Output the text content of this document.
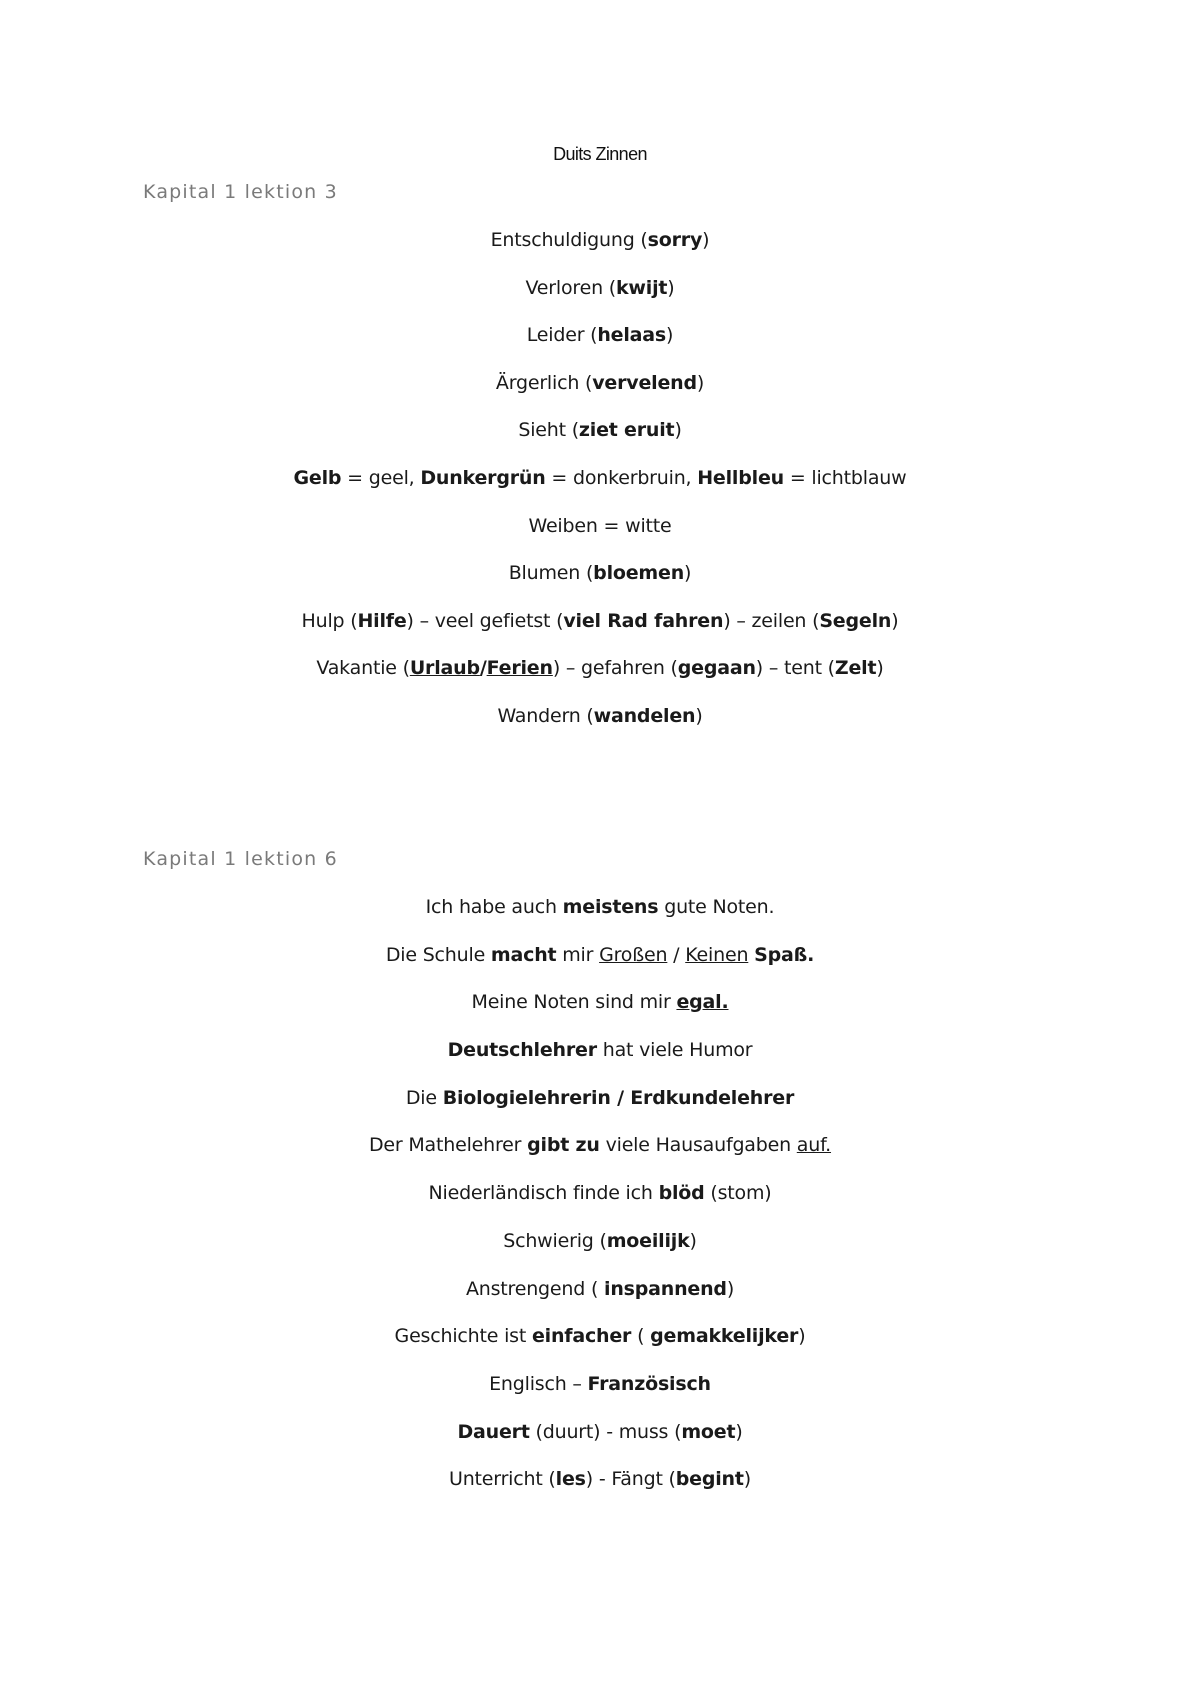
Duits Zinnen
Kapital 1 lektion 3
Entschuldigung (sorry)
Verloren (kwijt)
Leider (helaas)
Ärgerlich (vervelend)
Sieht (ziet eruit)
Gelb = geel, Dunkergrün = donkerbruin, Hellbleu = lichtblauw
Weiben = witte
Blumen (bloemen)
Hulp (Hilfe) – veel gefietst (viel Rad fahren) – zeilen (Segeln)
Vakantie (Urlaub/Ferien) – gefahren (gegaan) – tent (Zelt)
Wandern (wandelen)
Kapital 1 lektion 6
Ich habe auch meistens gute Noten.
Die Schule macht mir Großen / Keinen Spaß.
Meine Noten sind mir egal.
Deutschlehrer hat viele Humor
Die Biologielehrerin / Erdkundelehrer
Der Mathelehrer gibt zu viele Hausaufgaben auf.
Niederländisch finde ich blöd (stom)
Schwierig (moeilijk)
Anstrengend ( inspannend)
Geschichte ist einfacher ( gemakkelijker)
Englisch – Französisch
Dauert (duurt) - muss (moet)
Unterricht (les) - Fängt (begint)
